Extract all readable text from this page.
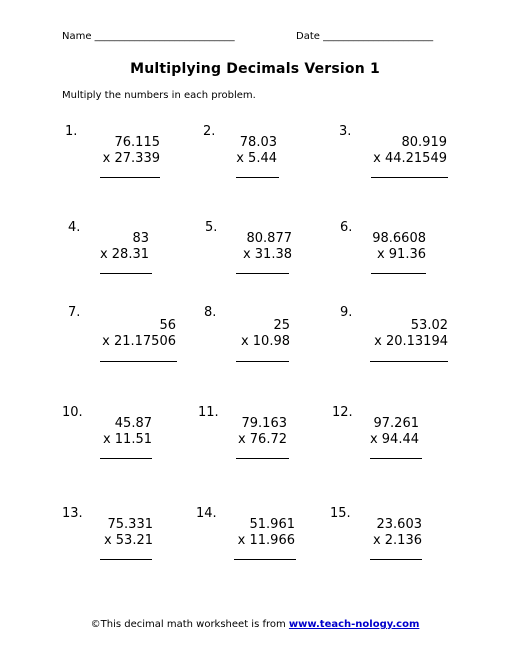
Name ____________________________	Date ______________________
Multiplying Decimals Version 1
Multiply the numbers in each problem.
1.
76.115
x 27.339
2.
78.03
x 5.44
3.
80.919
x 44.21549
4.
83
x 28.31
5.
80.877
x 31.38
6.
98.6608
x 91.36
7.
56
x 21.17506
8.
25
x 10.98
9.
53.02
x 20.13194
10.
45.87
x 11.51
11.
79.163
x 76.72
12.
97.261
x 94.44
13.
75.331
x 53.21
14.
51.961
x 11.966
15.
23.603
x 2.136
©This decimal math worksheet is from www.teach-nology.com
